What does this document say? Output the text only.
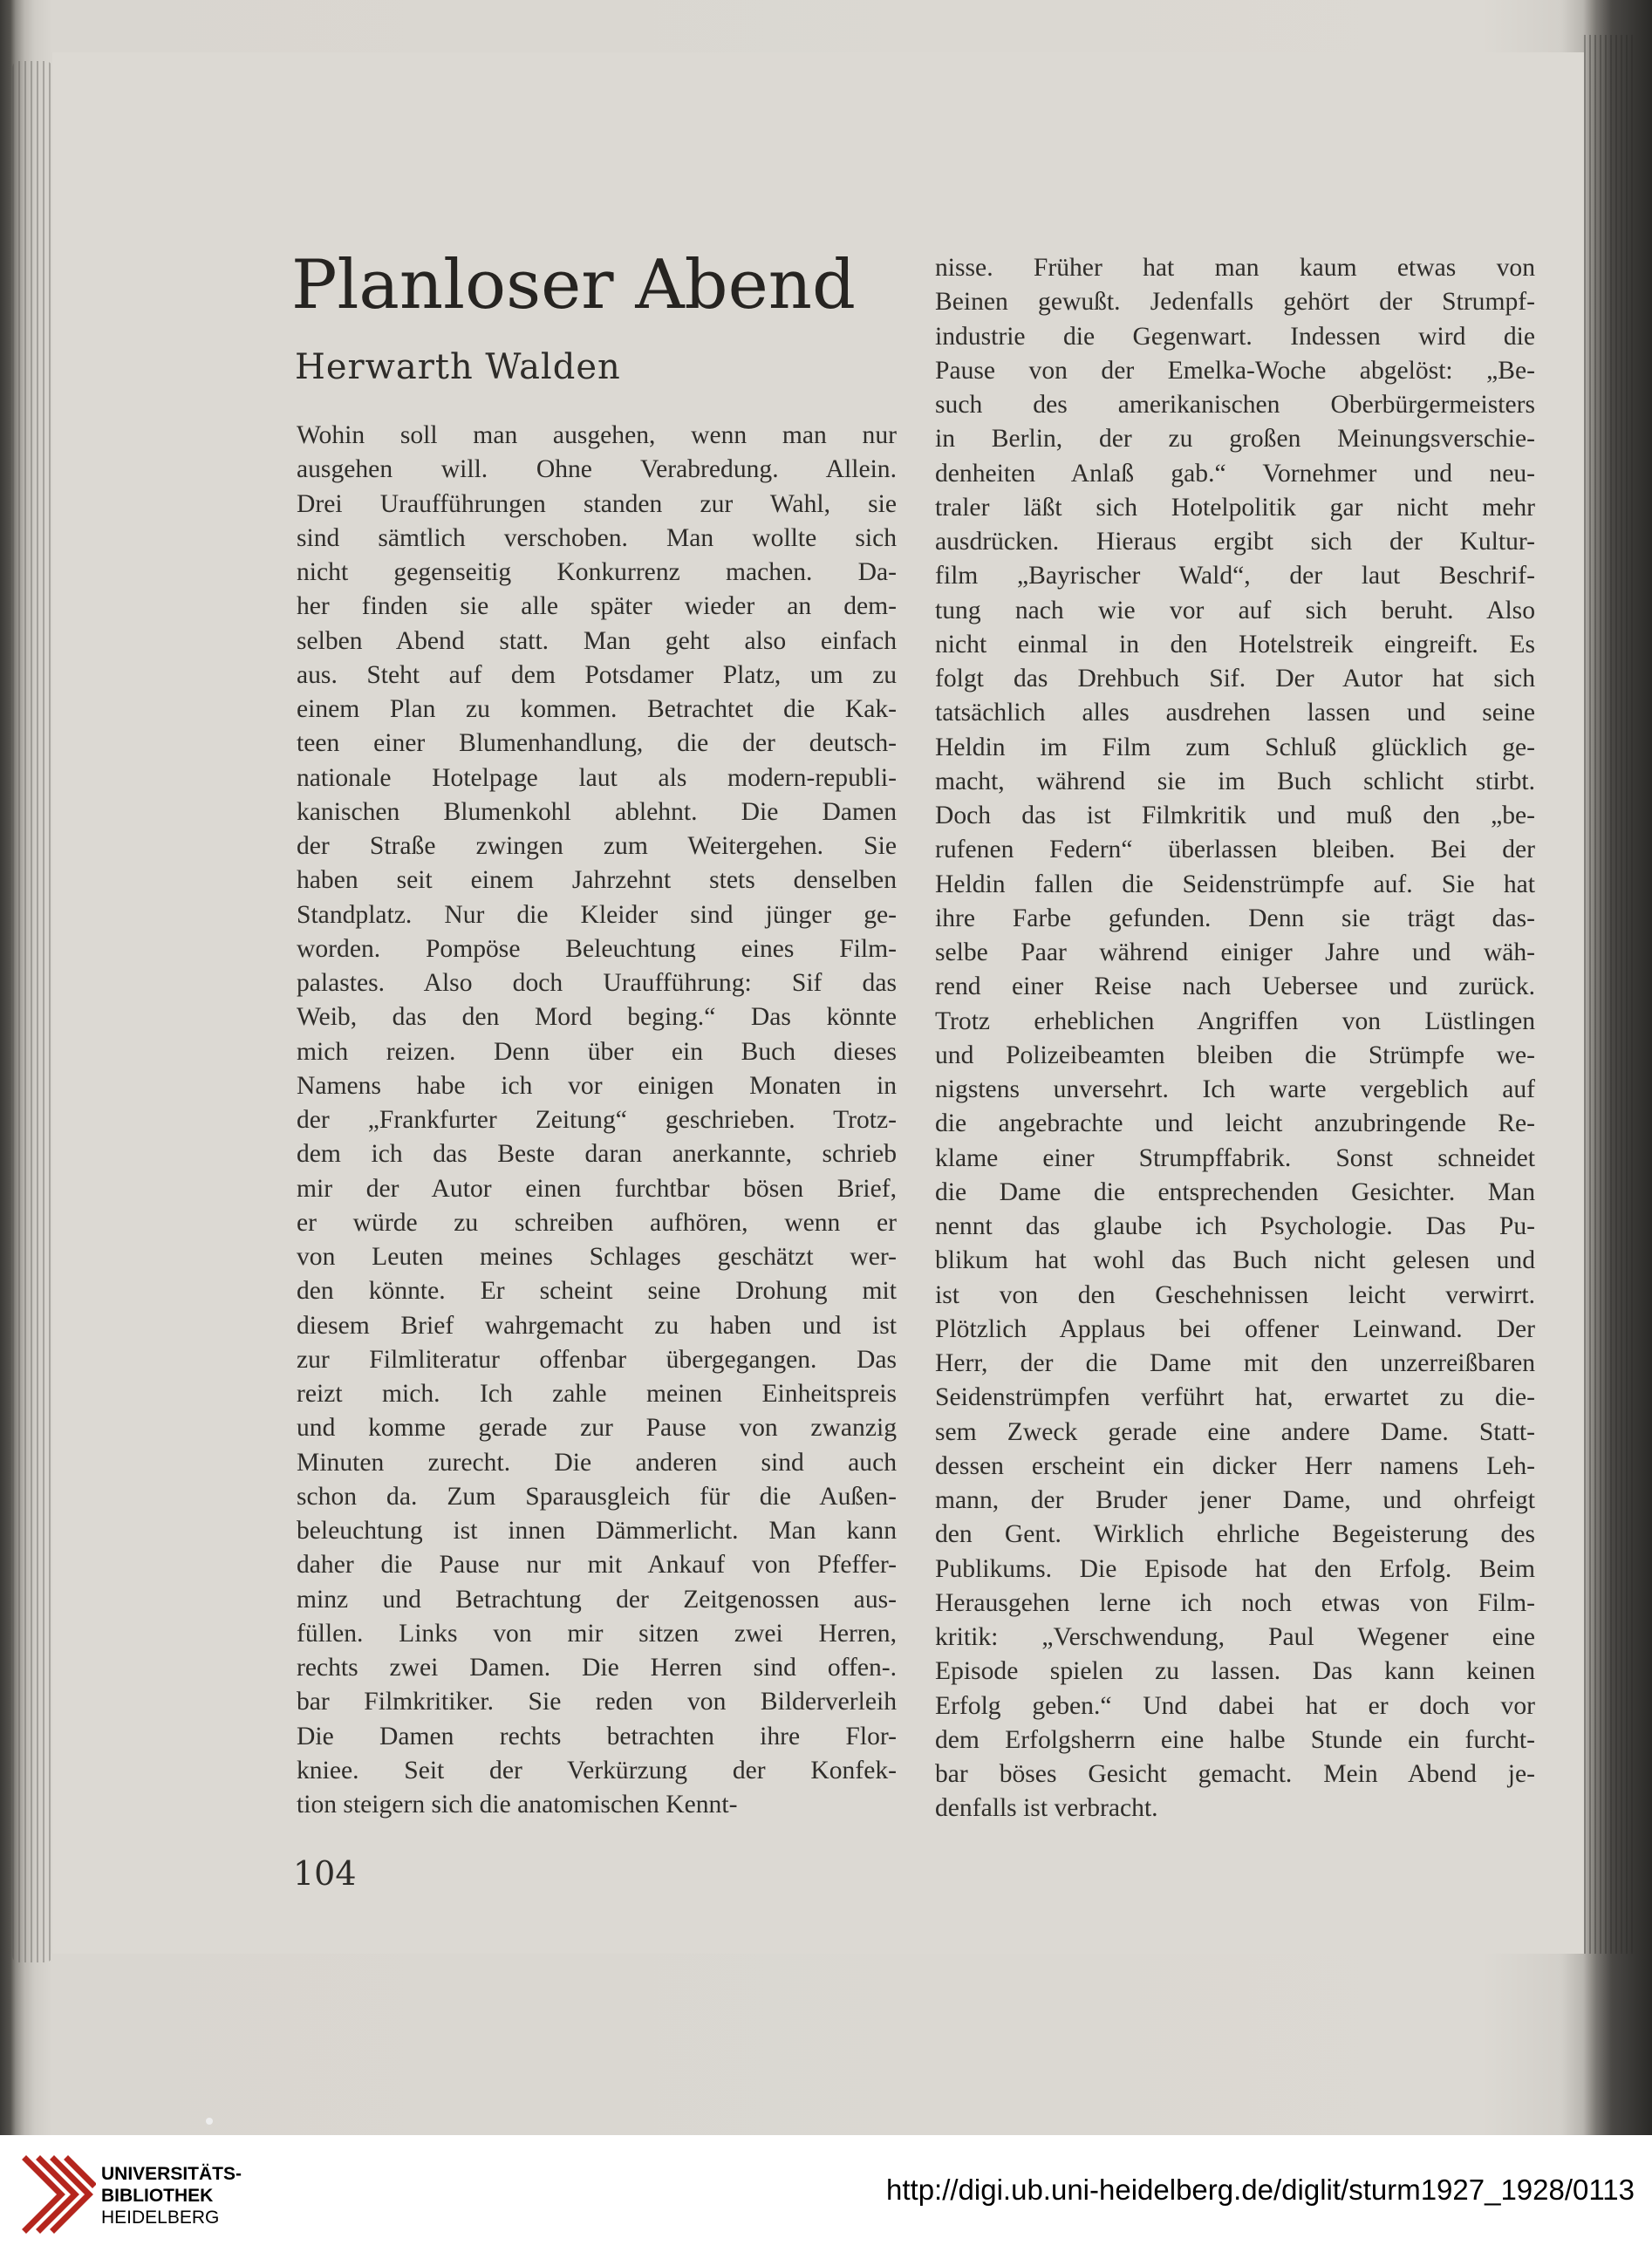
Planloser Abend
Herwarth Walden
Wohin soll man ausgehen, wenn man nur
ausgehen will. Ohne Verabredung. Allein.
Drei Uraufführungen standen zur Wahl, sie
sind sämtlich verschoben. Man wollte sich
nicht gegenseitig Konkurrenz machen. Da-
her finden sie alle später wieder an dem-
selben Abend statt. Man geht also einfach
aus. Steht auf dem Potsdamer Platz, um zu
einem Plan zu kommen. Betrachtet die Kak-
teen einer Blumenhandlung, die der deutsch-
nationale Hotelpage laut als modern-republi-
kanischen Blumenkohl ablehnt. Die Damen
der Straße zwingen zum Weitergehen. Sie
haben seit einem Jahrzehnt stets denselben
Standplatz. Nur die Kleider sind jünger ge-
worden. Pompöse Beleuchtung eines Film-
palastes. Also doch Uraufführung: Sif das
Weib, das den Mord beging.“ Das könnte
mich reizen. Denn über ein Buch dieses
Namens habe ich vor einigen Monaten in
der „Frankfurter Zeitung“ geschrieben. Trotz-
dem ich das Beste daran anerkannte, schrieb
mir der Autor einen furchtbar bösen Brief,
er würde zu schreiben aufhören, wenn er
von Leuten meines Schlages geschätzt wer-
den könnte. Er scheint seine Drohung mit
diesem Brief wahrgemacht zu haben und ist
zur Filmliteratur offenbar übergegangen. Das
reizt mich. Ich zahle meinen Einheitspreis
und komme gerade zur Pause von zwanzig
Minuten zurecht. Die anderen sind auch
schon da. Zum Sparausgleich für die Außen-
beleuchtung ist innen Dämmerlicht. Man kann
daher die Pause nur mit Ankauf von Pfeffer-
minz und Betrachtung der Zeitgenossen aus-
füllen. Links von mir sitzen zwei Herren,
rechts zwei Damen. Die Herren sind offen-.
bar Filmkritiker. Sie reden von Bilderverleih
Die Damen rechts betrachten ihre Flor-
kniee. Seit der Verkürzung der Konfek-
tion steigern sich die anatomischen Kennt-
nisse. Früher hat man kaum etwas von
Beinen gewußt. Jedenfalls gehört der Strumpf-
industrie die Gegenwart. Indessen wird die
Pause von der Emelka-Woche abgelöst: „Be-
such des amerikanischen Oberbürgermeisters
in Berlin, der zu großen Meinungsverschie-
denheiten Anlaß gab.“ Vornehmer und neu-
traler läßt sich Hotelpolitik gar nicht mehr
ausdrücken. Hieraus ergibt sich der Kultur-
film „Bayrischer Wald“, der laut Beschrif-
tung nach wie vor auf sich beruht. Also
nicht einmal in den Hotelstreik eingreift. Es
folgt das Drehbuch Sif. Der Autor hat sich
tatsächlich alles ausdrehen lassen und seine
Heldin im Film zum Schluß glücklich ge-
macht, während sie im Buch schlicht stirbt.
Doch das ist Filmkritik und muß den „be-
rufenen Federn“ überlassen bleiben. Bei der
Heldin fallen die Seidenstrümpfe auf. Sie hat
ihre Farbe gefunden. Denn sie trägt das-
selbe Paar während einiger Jahre und wäh-
rend einer Reise nach Uebersee und zurück.
Trotz erheblichen Angriffen von Lüstlingen
und Polizeibeamten bleiben die Strümpfe we-
nigstens unversehrt. Ich warte vergeblich auf
die angebrachte und leicht anzubringende Re-
klame einer Strumpffabrik. Sonst schneidet
die Dame die entsprechenden Gesichter. Man
nennt das glaube ich Psychologie. Das Pu-
blikum hat wohl das Buch nicht gelesen und
ist von den Geschehnissen leicht verwirrt.
Plötzlich Applaus bei offener Leinwand. Der
Herr, der die Dame mit den unzerreißbaren
Seidenstrümpfen verführt hat, erwartet zu die-
sem Zweck gerade eine andere Dame. Statt-
dessen erscheint ein dicker Herr namens Leh-
mann, der Bruder jener Dame, und ohrfeigt
den Gent. Wirklich ehrliche Begeisterung des
Publikums. Die Episode hat den Erfolg. Beim
Herausgehen lerne ich noch etwas von Film-
kritik: „Verschwendung, Paul Wegener eine
Episode spielen zu lassen. Das kann keinen
Erfolg geben.“ Und dabei hat er doch vor
dem Erfolgsherrn eine halbe Stunde ein furcht-
bar böses Gesicht gemacht. Mein Abend je-
denfalls ist verbracht.
104
UNIVERSITÄTS-
BIBLIOTHEK
HEIDELBERG
http://digi.ub.uni-heidelberg.de/diglit/sturm1927_1928/0113
